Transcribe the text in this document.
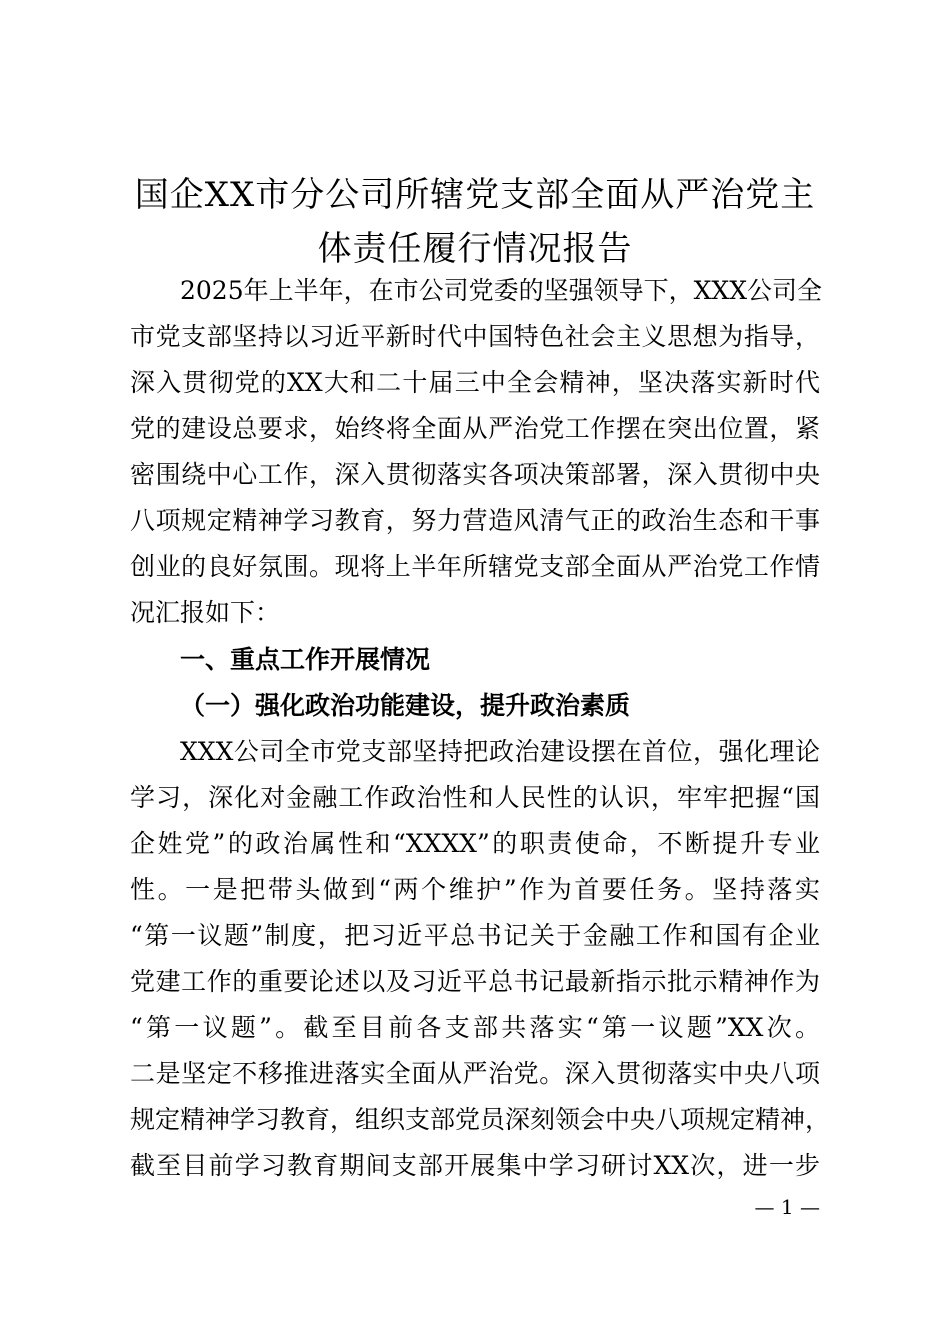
国企XX市分公司所辖党支部全面从严治党主
体责任履行情况报告
2025年上半年，在市公司党委的坚强领导下，XXX公司全
市党支部坚持以习近平新时代中国特色社会主义思想为指导，
深入贯彻党的XX大和二十届三中全会精神，坚决落实新时代
党的建设总要求，始终将全面从严治党工作摆在突出位置，紧
密围绕中心工作，深入贯彻落实各项决策部署，深入贯彻中央
八项规定精神学习教育，努力营造风清气正的政治生态和干事
创业的良好氛围。现将上半年所辖党支部全面从严治党工作情
况汇报如下：
一、重点工作开展情况
（一）强化政治功能建设，提升政治素质
XXX公司全市党支部坚持把政治建设摆在首位，强化理论
学习，深化对金融工作政治性和人民性的认识，牢牢把握“国
企姓党”的政治属性和“XXXX”的职责使命，不断提升专业
性。一是把带头做到“两个维护”作为首要任务。坚持落实
“第一议题”制度，把习近平总书记关于金融工作和国有企业
党建工作的重要论述以及习近平总书记最新指示批示精神作为
“第一议题”。截至目前各支部共落实“第一议题”XX次。
二是坚定不移推进落实全面从严治党。深入贯彻落实中央八项
规定精神学习教育，组织支部党员深刻领会中央八项规定精神，
截至目前学习教育期间支部开展集中学习研讨XX次，进一步
— 1 —
